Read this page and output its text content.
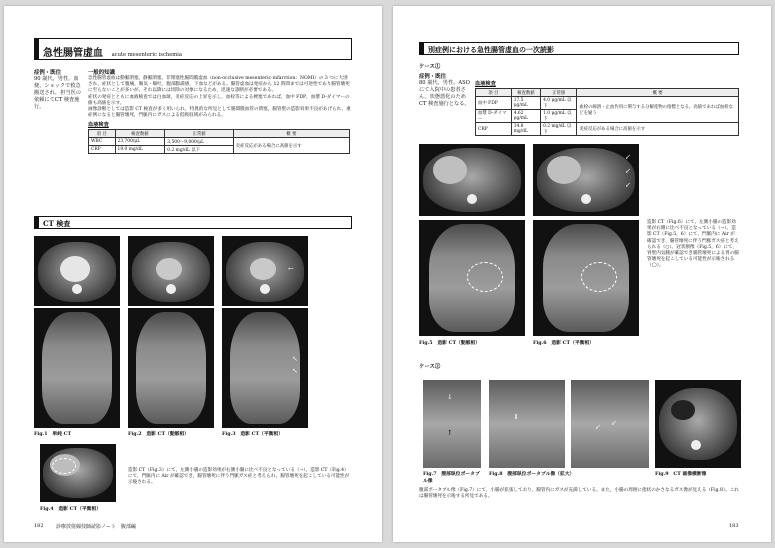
急性腸管虚血 acute mesenteric ischemia
症例・既往
90 歳代，男性。血便，ショックで救急搬送され，担当医の依頼にてCT 検査施行。
一般的知識
急性腸管虚血は動脈閉塞，静脈閉塞，非閉塞性腸間膜虚血（non-occlusive mesenteric-infarction：NOMI）の 3 つに大別され，症状として腹痛，嘔気・嘔吐，腹部膨満感，下血などがある。腸管虚血は発症から 12 時間までは可逆性であり腸管壊死に至らないことが多いが，それ以降には切除の対象になるため，迅速な診断が必要である。
症状の発症とともに血液検査では白血球，炎症反応の上昇を示し，血栓等による梗塞であれば，血中 FDP，血漿 D-ダイマーの値も高値を示す。
画像診断としては造影 CT 検査が多く用いられ，特異的な所見として腸間膜血管の閉塞，腸管壁の造影効果不良があげられ，重症例になると腸管壊死，門脈内にガスによる低吸収域がみられる。
血液検査
項 目	検査数値	正常値	概 要
WBC	23,700/μL	3,500～9,000/μL	炎症反応がある場合に高値を示す
CRP	19.0 mg/dL	0.2 mg/dL 以下	
CT 検査
Fig.1　単純 CT	Fig.2　造影 CT（動脈相）
←
↖
↖
Fig.3　造影 CT（平衡相）
Fig.4　造影 CT（平衡相）
造影 CT（Fig.3）にて，左側小腸の造影効果が右側小腸に比べ不良となっている（→）。造影 CT（Fig.4）にて，門脈内に Air が確認でき，腸管壊死に伴う門脈ガス症と考えられ，腸管壊死を起こしている可能性が示唆される。
182 診療放射線技師読影ノート　腹部編
別症例における急性腸管虚血の一次読影
ケース①
症例・既往
80 歳代，男性。ASO にて入院中の患者さん。状態悪化のため CT 検査施行となる。
血液検査
項 目	検査数値	正常値	概 要
血中 FDP	17.5 μg/mL	4.0 μg/mL 以下	血栓の線溶・止血作用に関与する分解産物の指標となる。高値であれば血栓などを疑う
血漿 D-ダイマー	4.62 μg/mL	1.0 μg/mL 以下	
CRP	14.8 mg/dL	0.2 mg/dL 以下	炎症反応がある場合に高値を示す
Fig.5　造影 CT（動脈相）
↙
↙
↙
Fig.6　造影 CT（平衡相）
造影 CT（Fig.6）にて，左側小腸の造影効果が右側に比べ不良となっている（→）。造影 CT（Fig.5，6）にて，門脈内に Air が確認でき，腸管壊死に伴う門脈ガス症と考えられる（○）。冠状断像（Fig.5，6）にて，胃壁内気腫が確認でき腸管壊死による胃の腸管壊死を起こしている可能性が示唆される（◯）。
ケース②
↓
↑
Fig.7　腹部臥位ポータブル像
⇓
Fig.8　腹部臥位ポータブル像（拡大）
↙ ↙
Fig.9　CT 画像横断像
腹部ポータブル像（Fig.7）にて，小腸が拡張しており，腸管内にガスが充満している。また，小腸の周囲に指状のかさなるガス像が見える（Fig.8）。これは腸管壊死を示唆する所見である。
183
